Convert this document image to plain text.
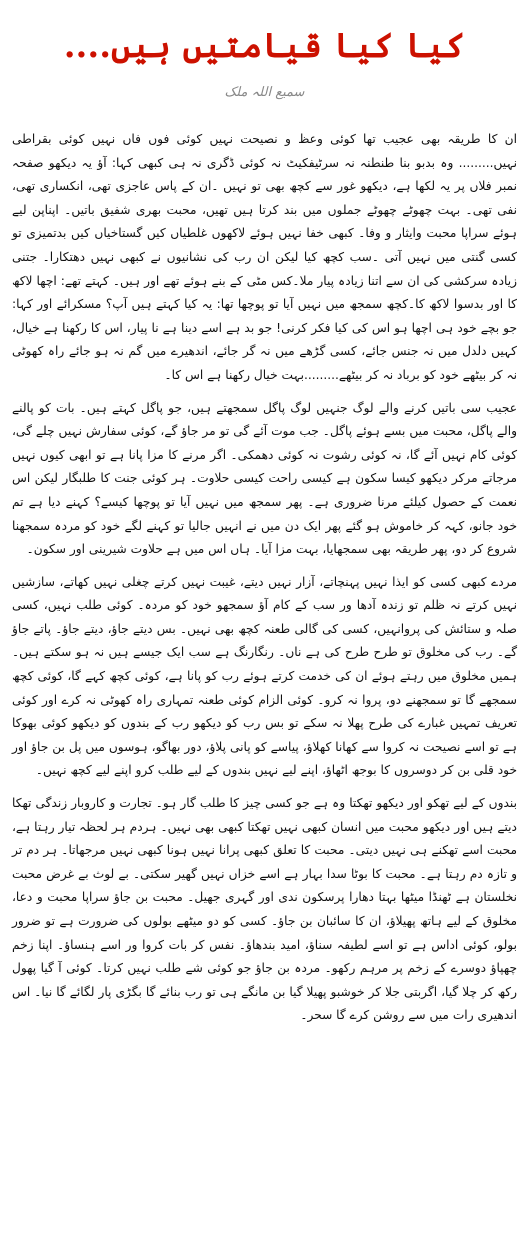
کیا کیا قیامتیں ہیں....
سمیع اللہ ملک

ان کا طریقہ بھی عجیب تھا کوئی وعظ و نصیحت نہیں کوئی فوں فاں نہیں کوئی بقراطی نہیں......... وہ بدبو بنا طنطنہ نہ سرٹیفکیٹ نہ کوئی ڈگری نہ ہی کبھی کہا: آؤ یہ دیکھو صفحہ نمبر فلاں پر یہ لکھا ہے، دیکھو غور سے کچھ بھی تو نہیں ۔ان کے پاس عاجزی تھی، انکساری تھی، نفی تھی۔ بہت چھوٹے چھوٹے جملوں میں بند کرتا ہیں تھیں، محبت بھری شفیق باتیں۔ اپناپن لیے ہوئے سراپا محبت وایثار و وفا۔ کبھی خفا نہیں ہوئے لاکھوں غلطیاں کیں گستاخیاں کیں بدتمیزی تو کسی گنتی میں نہیں آتی ۔سب کچھ کیا لیکن ان رب کی نشانیوں نے کبھی نہیں دھتکارا۔ جتنی زیادہ سرکشی کی ان سے اتنا زیادہ پیار ملا۔کس مٹی کے بنے ہوئے تھے اور ہیں۔ کہتے تھے: اچھا لاکھ کا اور بدسوا لاکھ کا۔کچھ سمجھ میں نہیں آیا تو پوچھا تھا: یہ کیا کہتے ہیں آپ؟ مسکرائے اور کہا: جو بچے خود ہی اچھا ہو اس کی کیا فکر کرنی! جو بد ہے اسے دینا ہے نا پیار، اس کا رکھنا ہے خیال، کہیں دلدل میں نہ جنس جائے، کسی گڑھے میں نہ گر جائے، اندھیرے میں گم نہ ہو جائے راہ کھوٹی نہ کر بیٹھے خود کو برباد نہ کر بیٹھے.........بہت خیال رکھنا ہے اس کا۔

عجیب سی باتیں کرنے والے لوگ جنہیں لوگ پاگل سمجھتے ہیں، جو پاگل کہتے ہیں۔ بات کو پالنے والے پاگل، محبت میں بسے ہوئے پاگل۔ جب موت آئے گی تو مر جاؤ گے، کوئی سفارش نہیں چلے گی، کوئی کام نہیں آئے گا، نہ کوئی رشوت نہ کوئی دھمکی۔ اگر مرنے کا مزا پانا ہے تو ابھی کیوں نہیں مرجاتے مرکر دیکھو کیسا سکون ہے کیسی راحت کیسی حلاوت۔ ہر کوئی جنت کا طلبگار لیکن اس نعمت کے حصول کیلئے مرنا ضروری ہے۔ پھر سمجھ میں نہیں آیا تو پوچھا کیسے؟ کہنے دیا ہے تم خود جانو، کہہ کر خاموش ہو گئے پھر ایک دن میں نے انہیں جالیا تو کہنے لگے خود کو مردہ سمجھنا شروع کر دو، پھر طریقہ بھی سمجھایا، بہت مزا آیا۔ ہاں اس میں ہے حلاوت شیرینی اور سکون۔

مردے کبھی کسی کو ایذا نہیں پہنچاتے، آزار نہیں دیتے، غیبت نہیں کرتے چغلی نہیں کھاتے، سازشیں نہیں کرتے نہ ظلم تو زندہ آدھا ور سب کے کام آؤ سمجھو خود کو مردہ۔ کوئی طلب نہیں، کسی صلہ و ستائش کی پروانہیں، کسی کی گالی طعنہ کچھ بھی نہیں۔ بس دیتے جاؤ، دیتے جاؤ۔ پاتے جاؤ گے۔ رب کی مخلوق تو طرح طرح کی ہے ناں۔ رنگارنگ ہے سب ایک جیسے ہیں نہ ہو سکتے ہیں۔ ہمیں مخلوق میں رہتے ہوئے ان کی خدمت کرتے ہوئے رب کو پانا ہے، کوئی کچھ کہے گا، کوئی کچھ سمجھے گا تو سمجھنے دو، پروا نہ کرو۔ کوئی الزام کوئی طعنہ تمہاری راہ کھوٹی نہ کرے اور کوئی تعریف تمہیں غبارے کی طرح پھلا نہ سکے تو بس رب کو دیکھو رب کے بندوں کو دیکھو کوئی بھوکا ہے تو اسے نصیحت نہ کروا سے کھانا کھلاؤ، پیاسے کو پانی پلاؤ، دور بھاگو، ہوسوں میں پل بن جاؤ اور خود قلی بن کر دوسروں کا بوجھ اٹھاؤ، اپنے لیے نہیں بندوں کے لیے طلب کرو اپنے لیے کچھ نہیں۔

بندوں کے لیے تھکو اور دیکھو تھکتا وہ ہے جو کسی چیز کا طلب گار ہو۔ تجارت و کاروبار زندگی تھکا دیتے ہیں اور دیکھو محبت میں انسان کبھی نہیں تھکتا کبھی بھی نہیں۔ ہردم ہر لحظہ تیار رہتا ہے، محبت اسے تھکنے ہی نہیں دیتی۔ محبت کا تعلق کبھی پرانا نہیں ہونا کبھی نہیں مرجھاتا۔ ہر دم تر و تازہ دم رہتا ہے۔ محبت کا بوٹا سدا بہار ہے اسے خزاں نہیں گھیر سکتی۔ بے لوث بے غرض محبت نخلستان ہے ٹھنڈا میٹھا بہتا دھارا پرسکون ندی اور گہری جھیل۔ محبت بن جاؤ سراپا محبت و دعا، مخلوق کے لیے ہاتھ پھیلاؤ، ان کا سائبان بن جاؤ۔ کسی کو دو میٹھے بولوں کی ضرورت ہے تو ضرور بولو، کوئی اداس ہے تو اسے لطیفہ سناؤ، امید بندھاؤ۔ نفس کر بات کروا ور اسے ہنساؤ۔ اپنا زخم چھپاؤ دوسرے کے زخم پر مرہم رکھو۔ مردہ بن جاؤ جو کوئی شے طلب نہیں کرتا۔ کوئی آ گیا پھول رکھ کر چلا گیا، اگربتی جلا کر خوشبو پھیلا گیا بن مانگے ہی تو رب بنائے گا بگڑی پار لگائے گا نیا۔ اس اندھیری رات میں سے روشن کرے گا سحر۔
